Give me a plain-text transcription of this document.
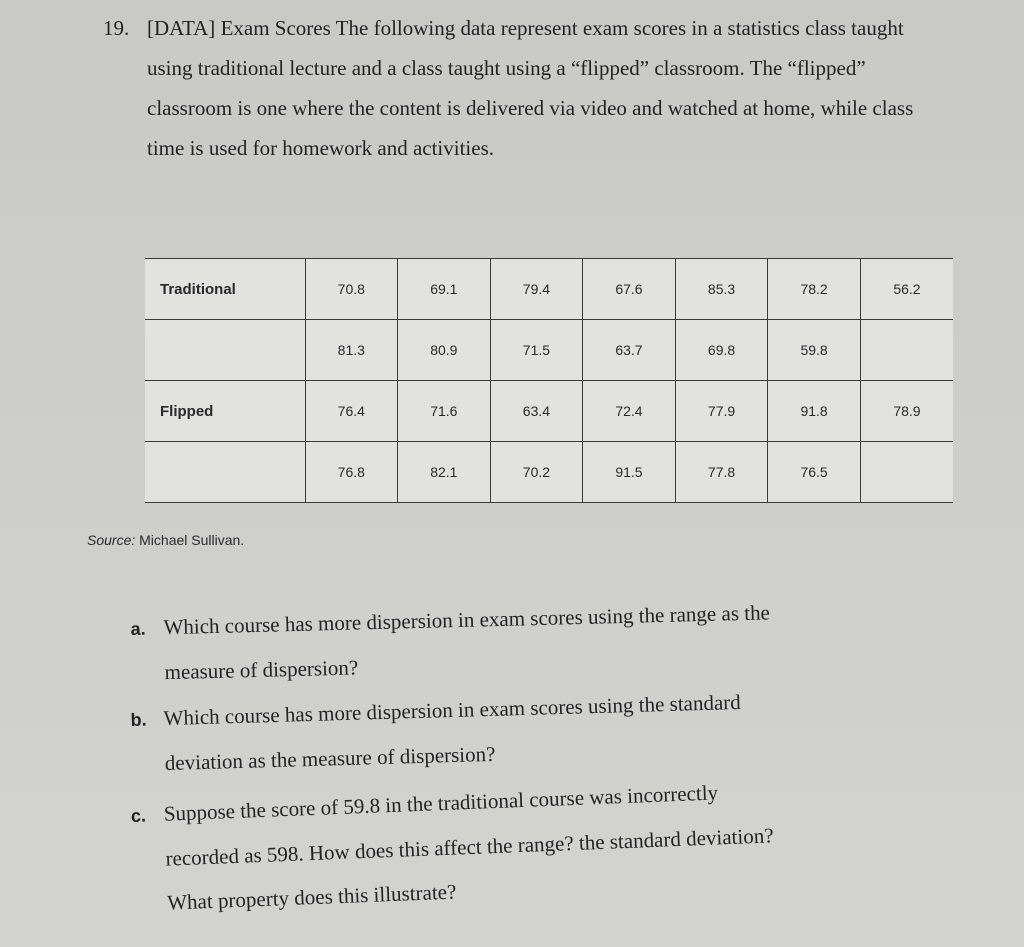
19. [DATA] Exam Scores The following data represent exam scores in a statistics class taught using traditional lecture and a class taught using a “flipped” classroom. The “flipped” classroom is one where the content is delivered via video and watched at home, while class time is used for homework and activities.
Traditional	70.8	69.1	79.4	67.6	85.3	78.2	56.2
	81.3	80.9	71.5	63.7	69.8	59.8	
Flipped	76.4	71.6	63.4	72.4	77.9	91.8	78.9
	76.8	82.1	70.2	91.5	77.8	76.5	
Source: Michael Sullivan.
a. Which course has more dispersion in exam scores using the range as the
measure of dispersion?
b. Which course has more dispersion in exam scores using the standard
deviation as the measure of dispersion?
c. Suppose the score of 59.8 in the traditional course was incorrectly
recorded as 598. How does this affect the range? the standard deviation?
What property does this illustrate?
